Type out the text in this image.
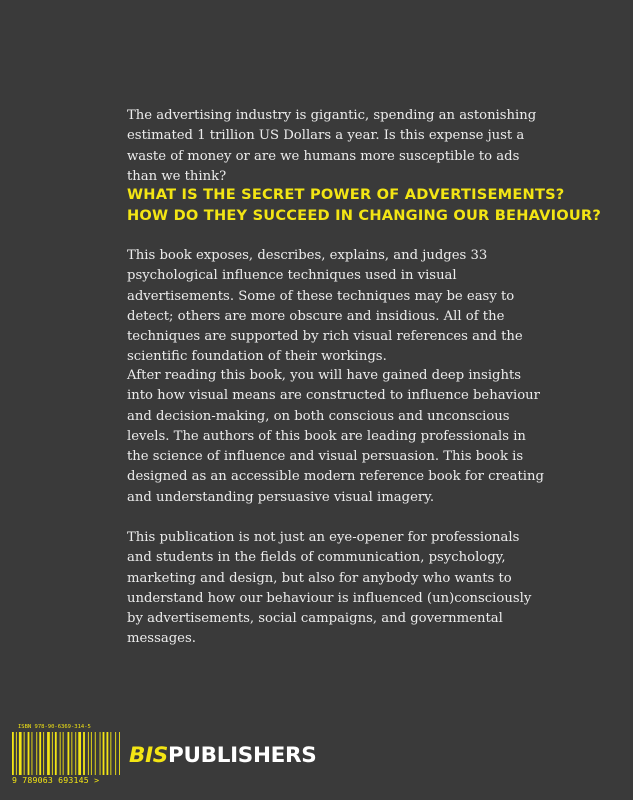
The advertising industry is gigantic, spending an astonishing estimated 1 trillion US Dollars a year. Is this expense just a waste of money or are we humans more susceptible to ads than we think?

WHAT IS THE SECRET POWER OF ADVERTISEMENTS?
HOW DO THEY SUCCEED IN CHANGING OUR BEHAVIOUR?

This book exposes, describes, explains, and judges 33 psychological influence techniques used in visual advertisements. Some of these techniques may be easy to detect; others are more obscure and insidious. All of the techniques are supported by rich visual references and the scientific foundation of their workings.

After reading this book, you will have gained deep insights into how visual means are constructed to influence behaviour and decision-making, on both conscious and unconscious levels. The authors of this book are leading professionals in the science of influence and visual persuasion. This book is designed as an accessible modern reference book for creating and understanding persuasive visual imagery.

This publication is not just an eye-opener for professionals and students in the fields of communication, psychology, marketing and design, but also for anybody who wants to understand how our behaviour is influenced (un)consciously by advertisements, social campaigns, and governmental messages.

ISBN 978-90-6369-314-5
9 789063 693145 >
BISPUBLISHERS
